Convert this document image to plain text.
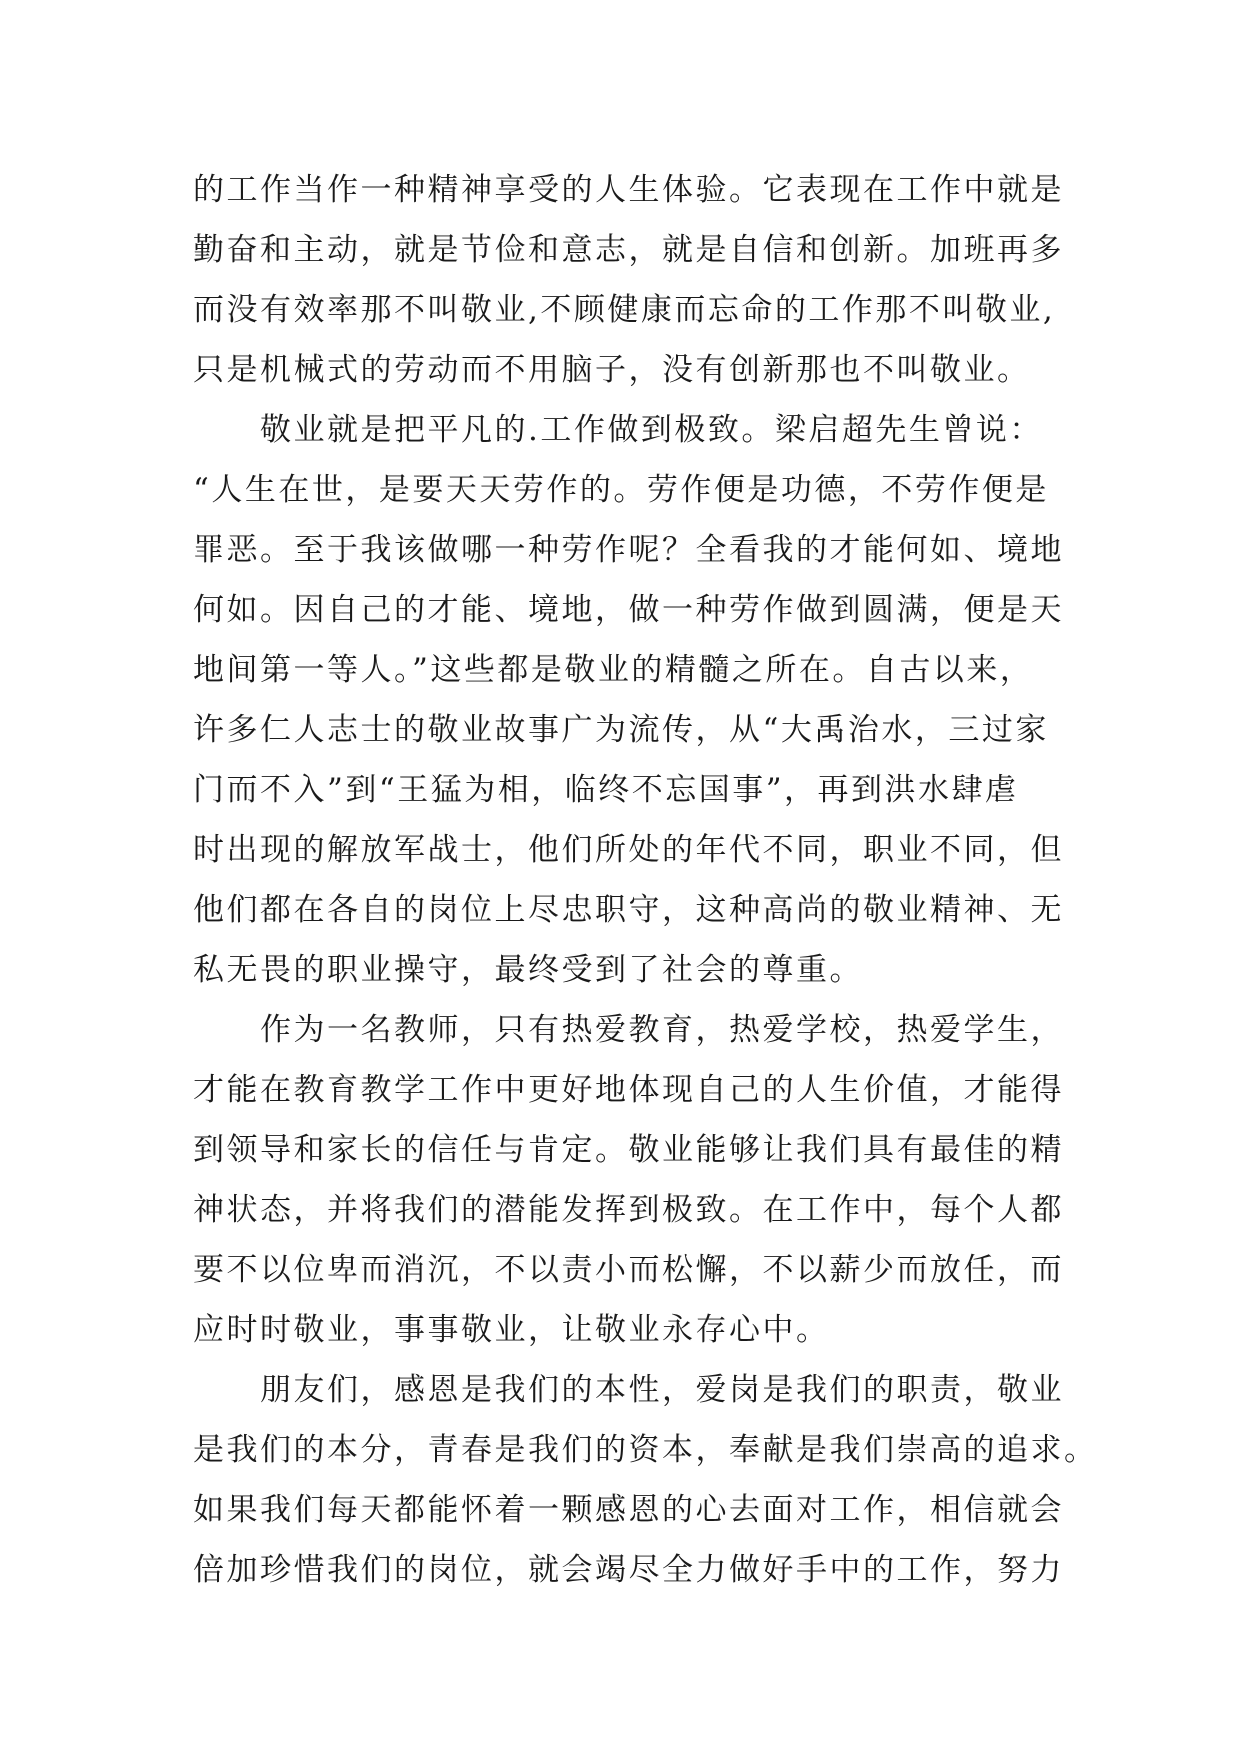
的工作当作一种精神享受的人生体验。它表现在工作中就是
勤奋和主动，就是节俭和意志，就是自信和创新。加班再多
而没有效率那不叫敬业,不顾健康而忘命的工作那不叫敬业,
只是机械式的劳动而不用脑子，没有创新那也不叫敬业。
　　敬业就是把平凡的.工作做到极致。梁启超先生曾说：
“人生在世，是要天天劳作的。劳作便是功德，不劳作便是
罪恶。至于我该做哪一种劳作呢？全看我的才能何如、境地
何如。因自己的才能、境地，做一种劳作做到圆满，便是天
地间第一等人。”这些都是敬业的精髓之所在。自古以来，
许多仁人志士的敬业故事广为流传，从“大禹治水，三过家
门而不入”到“王猛为相，临终不忘国事”，再到洪水肆虐
时出现的解放军战士，他们所处的年代不同，职业不同，但
他们都在各自的岗位上尽忠职守，这种高尚的敬业精神、无
私无畏的职业操守，最终受到了社会的尊重。
　　作为一名教师，只有热爱教育，热爱学校，热爱学生，
才能在教育教学工作中更好地体现自己的人生价值，才能得
到领导和家长的信任与肯定。敬业能够让我们具有最佳的精
神状态，并将我们的潜能发挥到极致。在工作中，每个人都
要不以位卑而消沉，不以责小而松懈，不以薪少而放任，而
应时时敬业，事事敬业，让敬业永存心中。
　　朋友们，感恩是我们的本性，爱岗是我们的职责，敬业
是我们的本分，青春是我们的资本，奉献是我们崇高的追求。
如果我们每天都能怀着一颗感恩的心去面对工作，相信就会
倍加珍惜我们的岗位，就会竭尽全力做好手中的工作，努力
